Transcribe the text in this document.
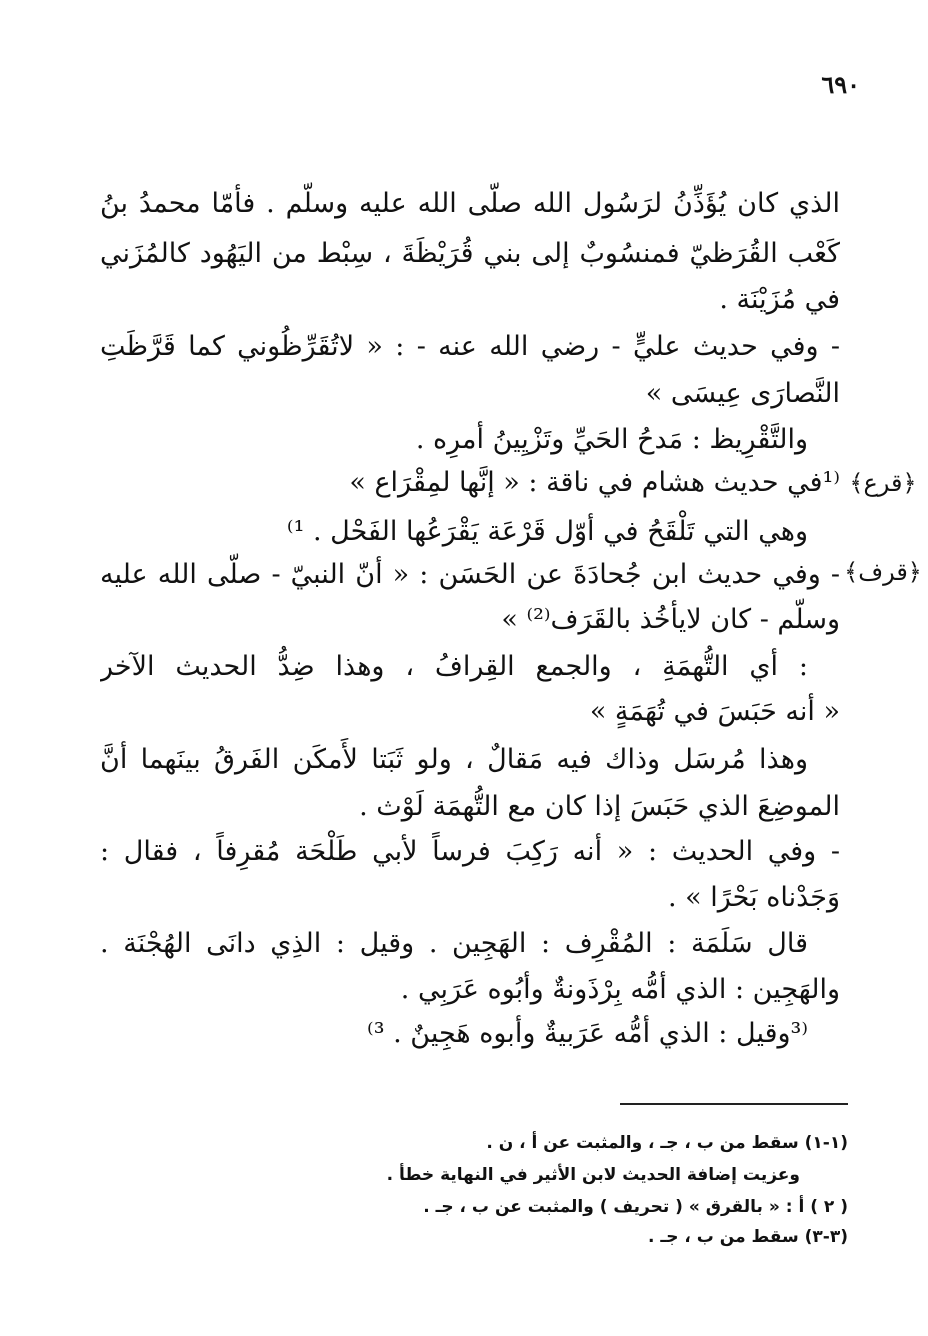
٦٩٠
الذي كان يُؤَذِّنُ لرَسُول الله صلّى الله عليه وسلّم . فأمّا محمدُ بنُ
كَعْب القُرَظيّ فمنسُوبٌ إلى بني قُرَيْظَةَ ، سِبْط من اليَهُود كالمُزَني
في مُزَيْنَة .
- وفي حديث عليٍّ - رضي الله عنه - : « لاتُقَرِّظُوني كما قَرَّظَتِ
النَّصارَى عِيسَى »
والتَّقْرِيظ : مَدحُ الحَيِّ وتَزْيِينُ أمرِه .
﴿قرع﴾
⁽¹في حديث هشام في ناقة : « إنَّها لمِقْرَاع »
وهي التي تَلْقَحُ في أوّل قَرْعَة يَقْرَعُها الفَحْل . ¹⁾
﴿قرف﴾
- وفي حديث ابن جُحادَةَ عن الحَسَن : « أنّ النبيّ - صلّى الله عليه
وسلّم - كان لايأخُذ بالقَرَف⁽²⁾ »
: أي التُّهمَةِ ، والجمع القِرافُ ، وهذا ضِدُّ الحديث الآخر
« أنه حَبَسَ في تُهَمَةٍ »
وهذا مُرسَل وذاك فيه مَقالٌ ، ولو ثَبَتا لأَمكَن الفَرقُ بينَهما أنَّ
الموضِعَ الذي حَبَسَ إذا كان مع التُّهمَة لَوْث .
- وفي الحديث : « أنه رَكِبَ فرساً لأبي طَلْحَة مُقرِفاً ، فقال :
وَجَدْناه بَحْرًا » .
قال سَلَمَة : المُقْرِف : الهَجِين . وقيل : الذِي دانَى الهُجْنَة .
والهَجِين : الذي أمُّه بِرْذَونةٌ وأبُوه عَرَبِي .
⁽³وقيل : الذي أمُّه عَرَبيةٌ وأبوه هَجِينٌ . ³⁾
(١-١) سقط من ب ، جـ ، والمثبت عن أ ، ن .
وعزيت إضافة الحديث لابن الأثير في النهاية خطأ .
( ٢ ) أ : « بالقرق » ( تحريف ) والمثبت عن ب ، جـ .
(٣-٣) سقط من ب ، جـ .
